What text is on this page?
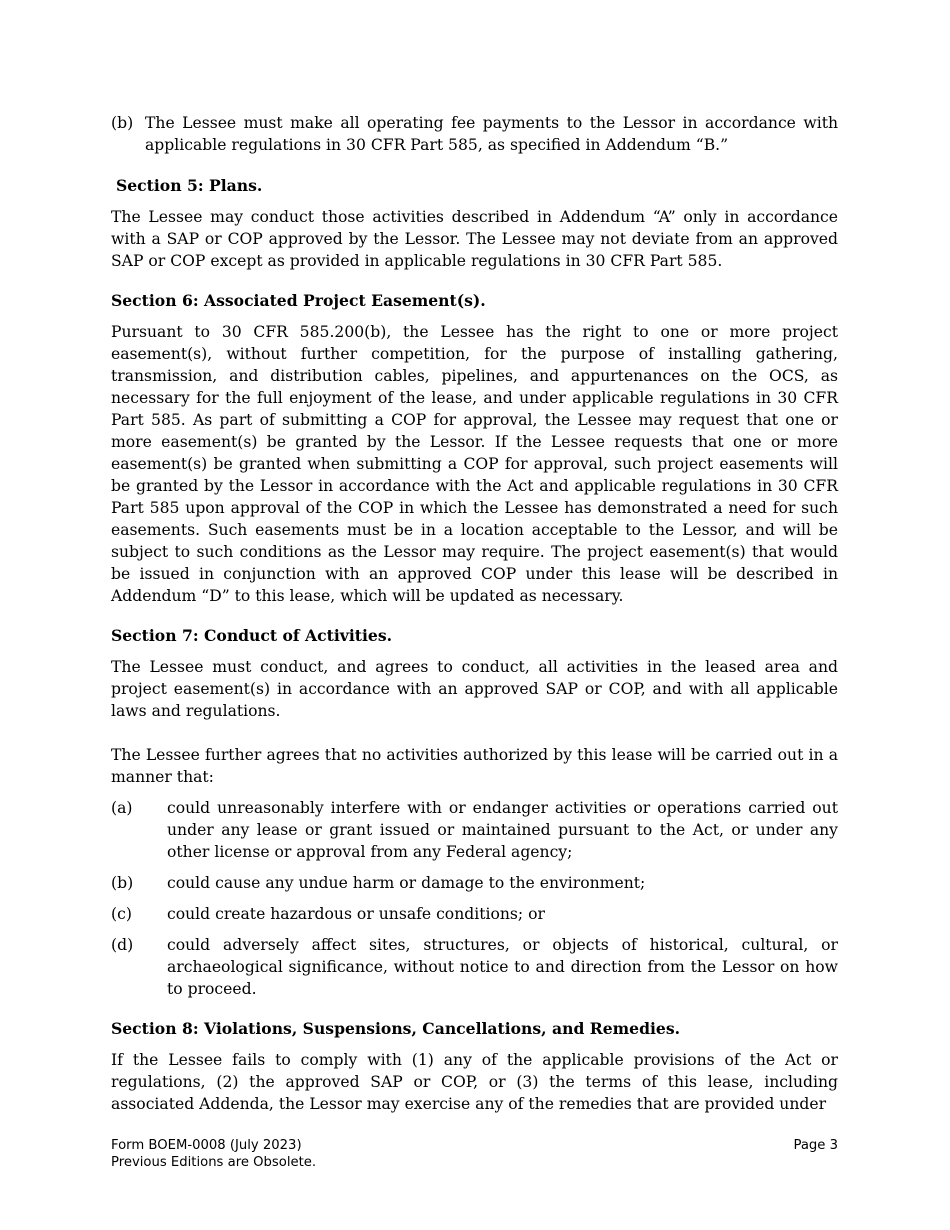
(b) The Lessee must make all operating fee payments to the Lessor in accordance with applicable regulations in 30 CFR Part 585, as specified in Addendum “B.”

Section 5: Plans.

The Lessee may conduct those activities described in Addendum “A” only in accordance with a SAP or COP approved by the Lessor. The Lessee may not deviate from an approved SAP or COP except as provided in applicable regulations in 30 CFR Part 585.

Section 6: Associated Project Easement(s).

Pursuant to 30 CFR 585.200(b), the Lessee has the right to one or more project easement(s), without further competition, for the purpose of installing gathering, transmission, and distribution cables, pipelines, and appurtenances on the OCS, as necessary for the full enjoyment of the lease, and under applicable regulations in 30 CFR Part 585. As part of submitting a COP for approval, the Lessee may request that one or more easement(s) be granted by the Lessor. If the Lessee requests that one or more easement(s) be granted when submitting a COP for approval, such project easements will be granted by the Lessor in accordance with the Act and applicable regulations in 30 CFR Part 585 upon approval of the COP in which the Lessee has demonstrated a need for such easements. Such easements must be in a location acceptable to the Lessor, and will be subject to such conditions as the Lessor may require. The project easement(s) that would be issued in conjunction with an approved COP under this lease will be described in Addendum “D” to this lease, which will be updated as necessary.

Section 7: Conduct of Activities.

The Lessee must conduct, and agrees to conduct, all activities in the leased area and project easement(s) in accordance with an approved SAP or COP, and with all applicable laws and regulations.

The Lessee further agrees that no activities authorized by this lease will be carried out in a manner that:

(a)	could unreasonably interfere with or endanger activities or operations carried out under any lease or grant issued or maintained pursuant to the Act, or under any other license or approval from any Federal agency;
(b)	could cause any undue harm or damage to the environment;
(c)	could create hazardous or unsafe conditions; or
(d)	could adversely affect sites, structures, or objects of historical, cultural, or archaeological significance, without notice to and direction from the Lessor on how to proceed.

Section 8: Violations, Suspensions, Cancellations, and Remedies.

If the Lessee fails to comply with (1) any of the applicable provisions of the Act or regulations, (2) the approved SAP or COP, or (3) the terms of this lease, including associated Addenda, the Lessor may exercise any of the remedies that are provided under

Form BOEM-0008 (July 2023)	Page 3
Previous Editions are Obsolete.
